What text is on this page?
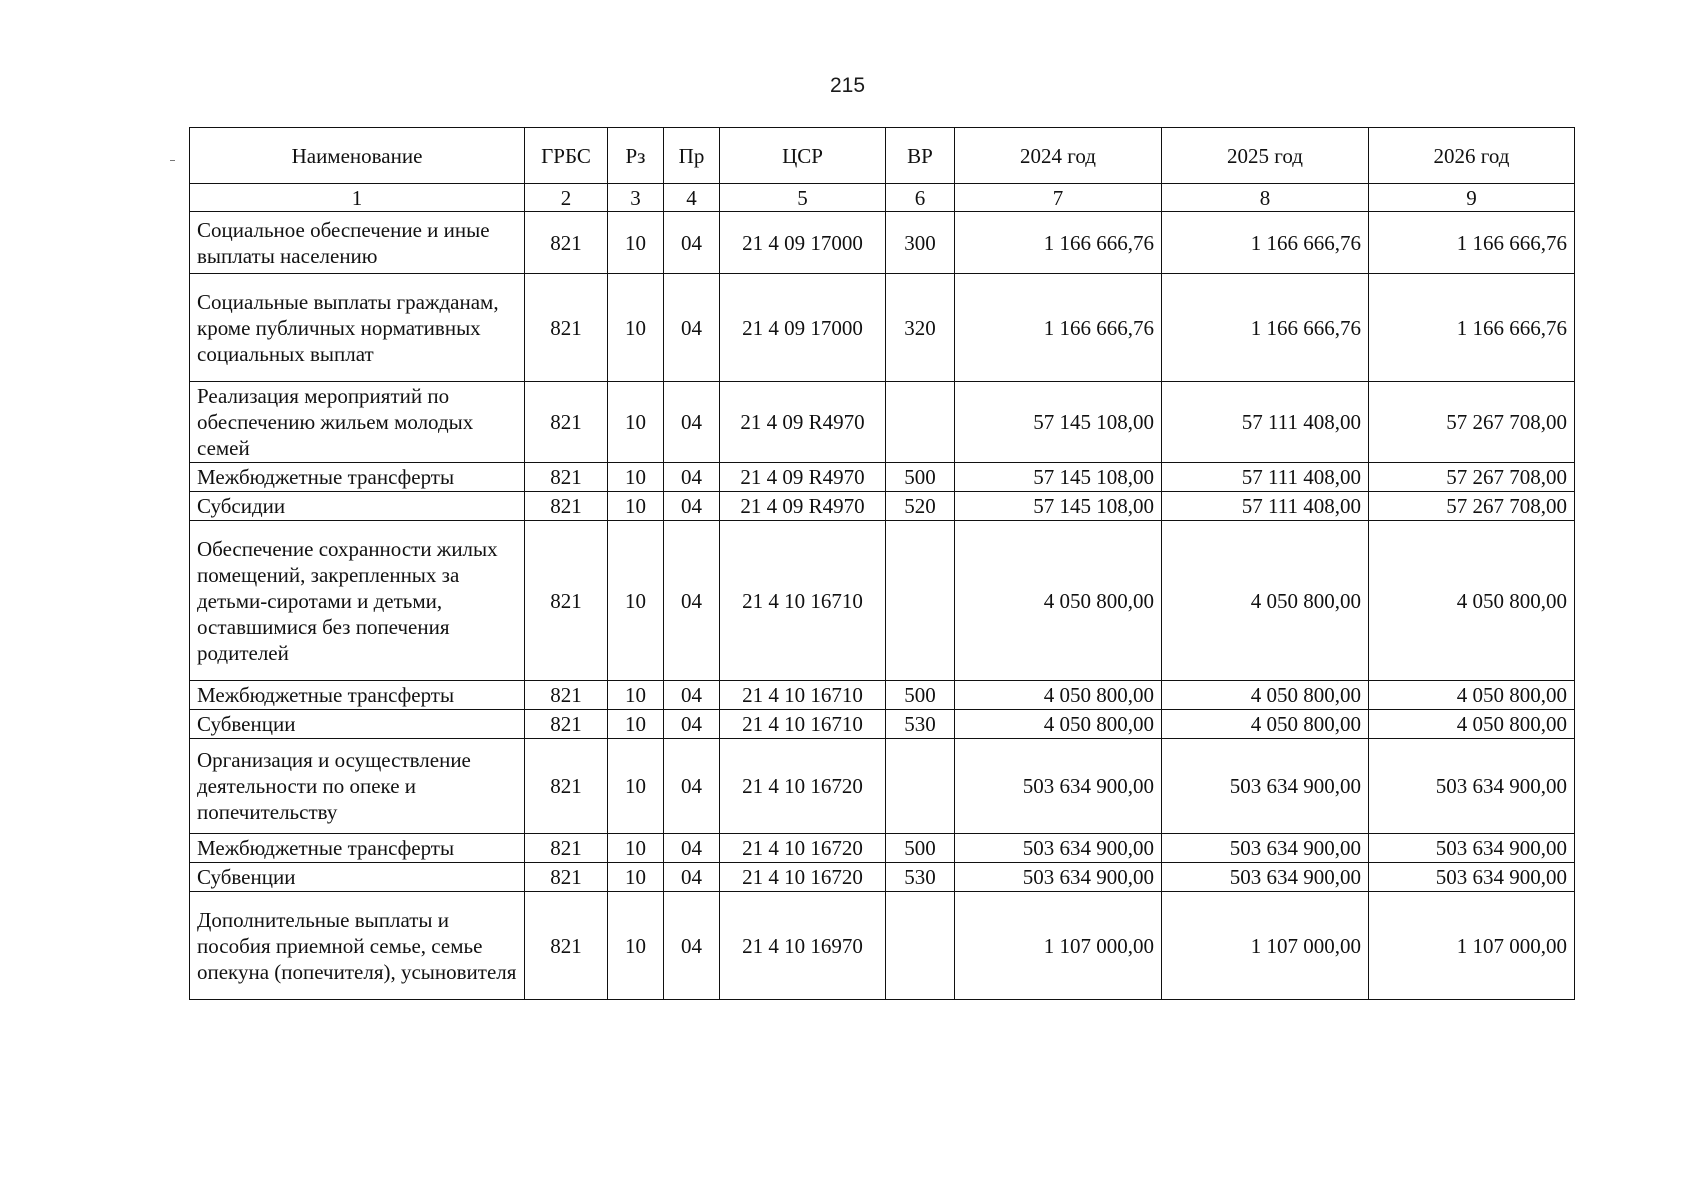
215
Наименование	ГРБС	Рз	Пр	ЦСР	ВР	2024 год	2025 год	2026 год
1	2	3	4	5	6	7	8	9
Социальное обеспечение и иные выплаты населению	821	10	04	21 4 09 17000	300	1 166 666,76	1 166 666,76	1 166 666,76
Социальные выплаты гражданам, кроме публичных нормативных социальных выплат	821	10	04	21 4 09 17000	320	1 166 666,76	1 166 666,76	1 166 666,76
Реализация мероприятий по обеспечению жильем молодых семей	821	10	04	21 4 09 R4970		57 145 108,00	57 111 408,00	57 267 708,00
Межбюджетные трансферты	821	10	04	21 4 09 R4970	500	57 145 108,00	57 111 408,00	57 267 708,00
Субсидии	821	10	04	21 4 09 R4970	520	57 145 108,00	57 111 408,00	57 267 708,00
Обеспечение сохранности жилых помещений, закрепленных за детьми-сиротами и детьми, оставшимися без попечения родителей	821	10	04	21 4 10 16710		4 050 800,00	4 050 800,00	4 050 800,00
Межбюджетные трансферты	821	10	04	21 4 10 16710	500	4 050 800,00	4 050 800,00	4 050 800,00
Субвенции	821	10	04	21 4 10 16710	530	4 050 800,00	4 050 800,00	4 050 800,00
Организация и осуществление деятельности по опеке и попечительству	821	10	04	21 4 10 16720		503 634 900,00	503 634 900,00	503 634 900,00
Межбюджетные трансферты	821	10	04	21 4 10 16720	500	503 634 900,00	503 634 900,00	503 634 900,00
Субвенции	821	10	04	21 4 10 16720	530	503 634 900,00	503 634 900,00	503 634 900,00
Дополнительные выплаты и пособия приемной семье, семье опекуна (попечителя), усыновителя	821	10	04	21 4 10 16970		1 107 000,00	1 107 000,00	1 107 000,00
